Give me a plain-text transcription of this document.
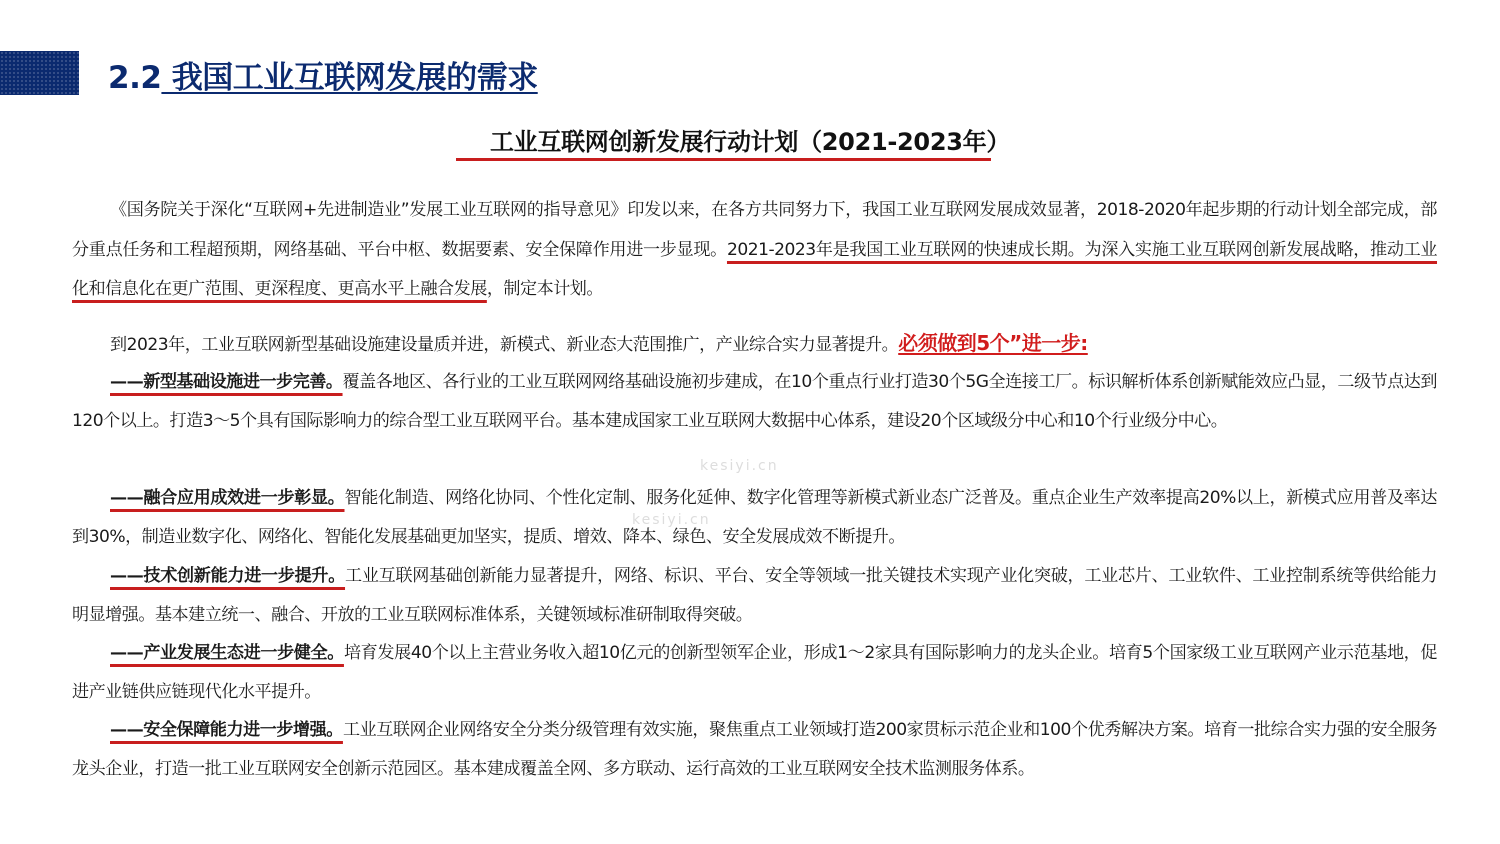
2.2 我国工业互联网发展的需求
工业互联网创新发展行动计划（2021-2023年）

《国务院关于深化“互联网+先进制造业”发展工业互联网的指导意见》印发以来，在各方共同努力下，我国工业互联网发展成效显著，2018-2020年起步期的行动计划全部完成，部分重点任务和工程超预期，网络基础、平台中枢、数据要素、安全保障作用进一步显现。2021-2023年是我国工业互联网的快速成长期。为深入实施工业互联网创新发展战略，推动工业化和信息化在更广范围、更深程度、更高水平上融合发展，制定本计划。

到2023年，工业互联网新型基础设施建设量质并进，新模式、新业态大范围推广，产业综合实力显著提升。必须做到5个”进一步:

——新型基础设施进一步完善。覆盖各地区、各行业的工业互联网网络基础设施初步建成，在10个重点行业打造30个5G全连接工厂。标识解析体系创新赋能效应凸显，二级节点达到120个以上。打造3～5个具有国际影响力的综合型工业互联网平台。基本建成国家工业互联网大数据中心体系，建设20个区域级分中心和10个行业级分中心。

——融合应用成效进一步彰显。智能化制造、网络化协同、个性化定制、服务化延伸、数字化管理等新模式新业态广泛普及。重点企业生产效率提高20%以上，新模式应用普及率达到30%，制造业数字化、网络化、智能化发展基础更加坚实，提质、增效、降本、绿色、安全发展成效不断提升。

——技术创新能力进一步提升。工业互联网基础创新能力显著提升，网络、标识、平台、安全等领域一批关键技术实现产业化突破，工业芯片、工业软件、工业控制系统等供给能力明显增强。基本建立统一、融合、开放的工业互联网标准体系，关键领域标准研制取得突破。

——产业发展生态进一步健全。培育发展40个以上主营业务收入超10亿元的创新型领军企业，形成1～2家具有国际影响力的龙头企业。培育5个国家级工业互联网产业示范基地，促进产业链供应链现代化水平提升。

——安全保障能力进一步增强。工业互联网企业网络安全分类分级管理有效实施，聚焦重点工业领域打造200家贯标示范企业和100个优秀解决方案。培育一批综合实力强的安全服务龙头企业，打造一批工业互联网安全创新示范园区。基本建成覆盖全网、多方联动、运行高效的工业互联网安全技术监测服务体系。

kesiyi.cn
kesiyi.cn
